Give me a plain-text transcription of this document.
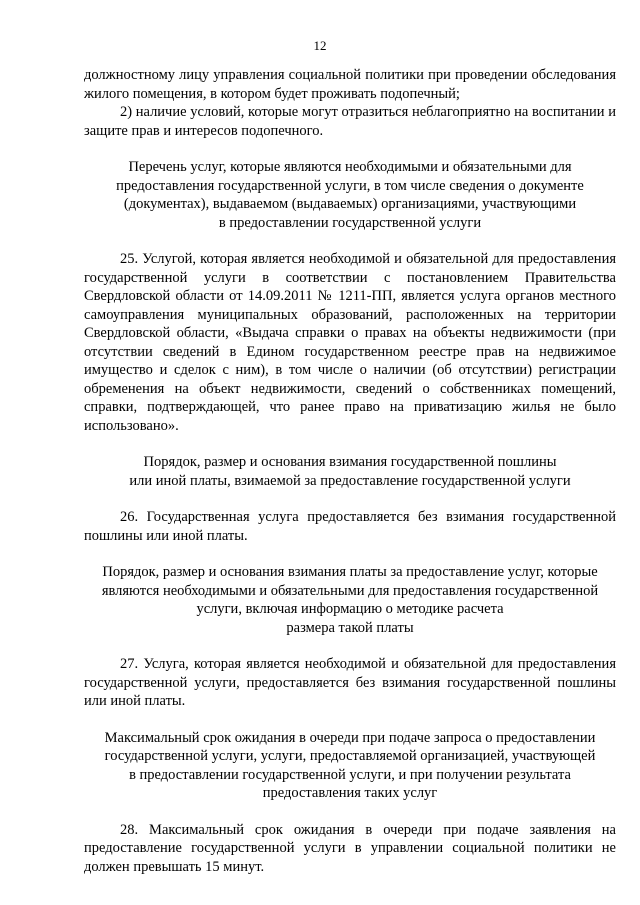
12

должностному лицу управления социальной политики при проведении обследования жилого помещения, в котором будет проживать подопечный;

2) наличие условий, которые могут отразиться неблагоприятно на воспитании и защите прав и интересов подопечного.

Перечень услуг, которые являются необходимыми и обязательными для

предоставления государственной услуги, в том числе сведения о документе

(документах), выдаваемом (выдаваемых) организациями, участвующими

в предоставлении государственной услуги

25. Услугой, которая является необходимой и обязательной для предоставления государственной услуги в соответствии с постановлением Правительства Свердловской области от 14.09.2011 № 1211-ПП, является услуга органов местного самоуправления муниципальных образований, расположенных на территории Свердловской области, «Выдача справки о правах на объекты недвижимости (при отсутствии сведений в Едином государственном реестре прав на недвижимое имущество и сделок с ним), в том числе о наличии (об отсутствии) регистрации обременения на объект недвижимости, сведений о собственниках помещений, справки, подтверждающей, что ранее право на приватизацию жилья не было использовано».

Порядок, размер и основания взимания государственной пошлины

или иной платы, взимаемой за предоставление государственной услуги

26. Государственная услуга предоставляется без взимания государственной пошлины или иной платы.

Порядок, размер и основания взимания платы за предоставление услуг, которые

являются необходимыми и обязательными для предоставления государственной

услуги, включая информацию о методике расчета

размера такой платы

27. Услуга, которая является необходимой и обязательной для предоставления государственной услуги, предоставляется без взимания государственной пошлины или иной платы.

Максимальный срок ожидания в очереди при подаче запроса о предоставлении

государственной услуги, услуги, предоставляемой организацией, участвующей

в предоставлении государственной услуги, и при получении результата

предоставления таких услуг

28. Максимальный срок ожидания в очереди при подаче заявления на предоставление государственной услуги в управлении социальной политики не должен превышать 15 минут.
